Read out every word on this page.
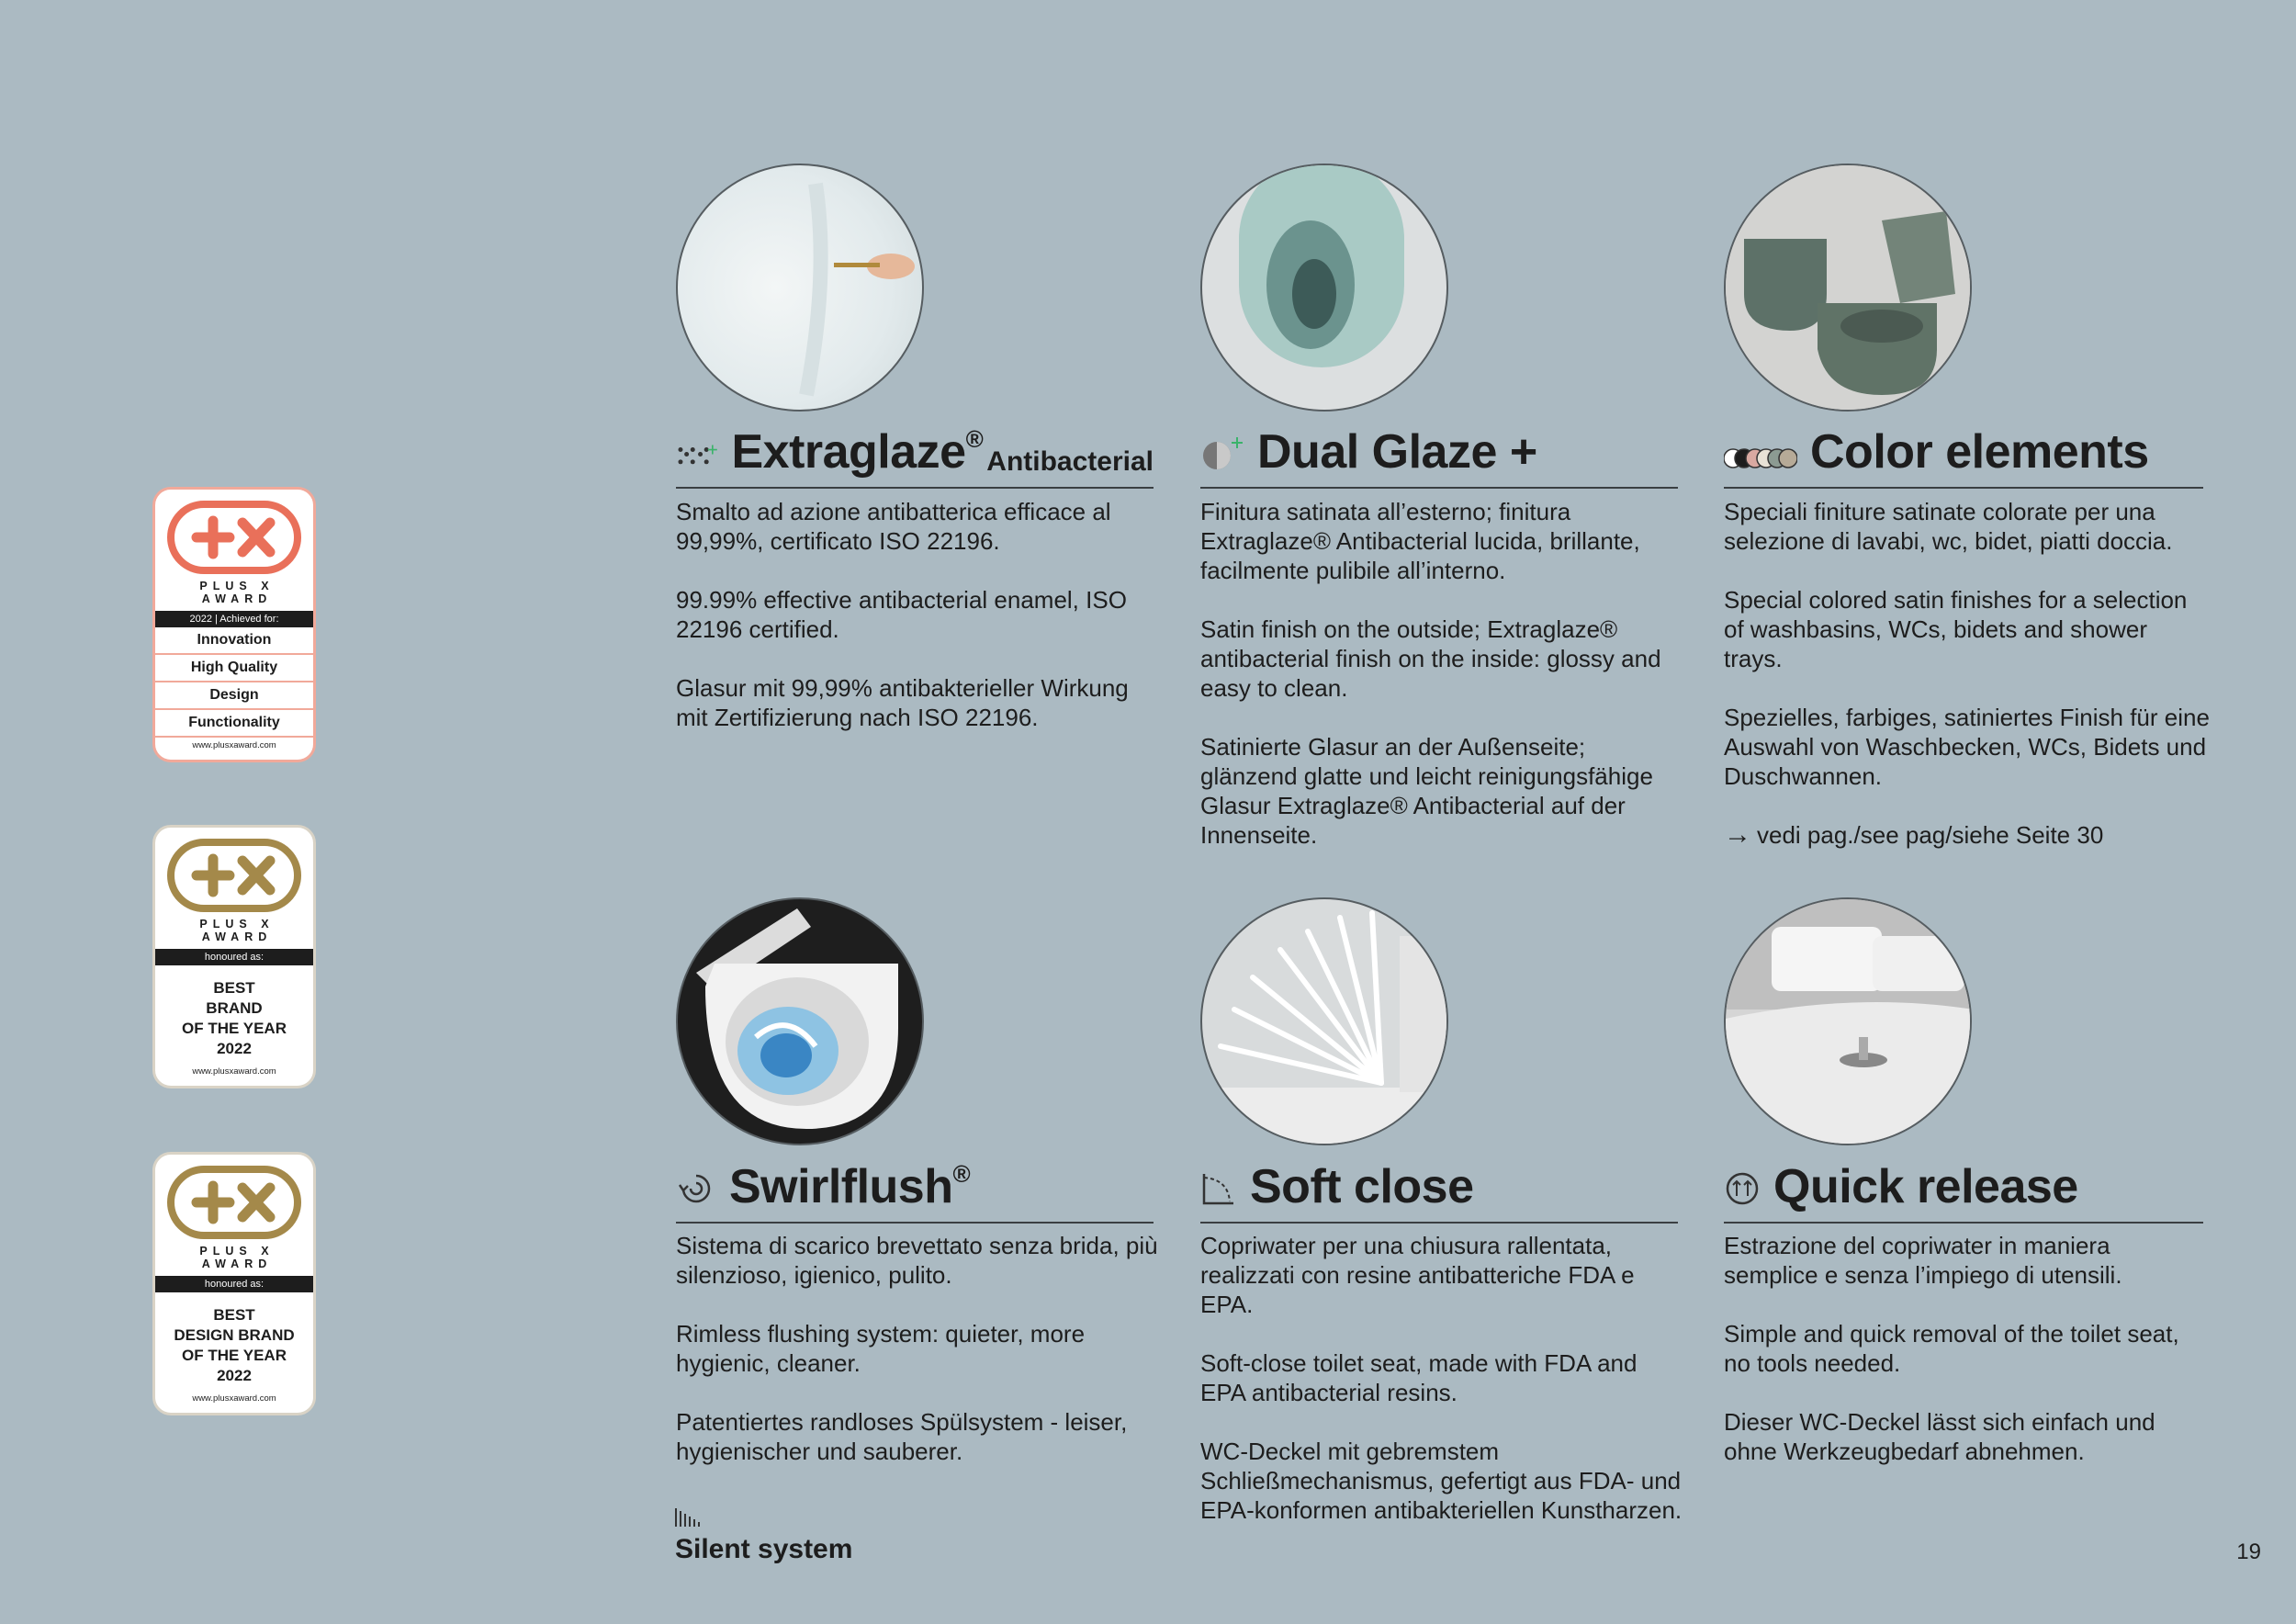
PLUS X AWARD
2022 | Achieved for:
Innovation
High Quality
Design
Functionality
www.plusxaward.com
PLUS X AWARD
honoured as:
BEST
BRAND
OF THE YEAR
2022
www.plusxaward.com
PLUS X AWARD
honoured as:
BEST
DESIGN BRAND
OF THE YEAR
2022
www.plusxaward.com
Extraglaze®
Antibacterial Dual Glaze +	Color elements

Smalto ad azione antibatterica efficace al 99,99%, certificato ISO 22196.

99.99% effective antibacterial enamel, ISO 22196 certified.

Glasur mit 99,99% antibakterieller Wirkung mit Zertifizierung nach ISO 22196.

Finitura satinata all’esterno; finitura Extraglaze® Antibacterial lucida, brillante, facilmente pulibile all’interno.

Satin finish on the outside; Extraglaze® antibacterial finish on the inside: glossy and easy to clean.

Satinierte Glasur an der Außenseite; glänzend glatte und leicht reinigungsfähige Glasur Extraglaze® Antibacterial auf der Innenseite.

Speciali finiture satinate colorate per una selezione di lavabi, wc, bidet, piatti doccia.

Special colored satin finishes for a selection of washbasins, WCs, bidets and shower trays.

Spezielles, farbiges, satiniertes Finish für eine Auswahl von Waschbecken, WCs, Bidets und Duschwannen.

→ vedi pag./see pag/siehe Seite 30

Swirlflush®	Soft close	Quick release

Sistema di scarico brevettato senza brida, più silenzioso, igienico, pulito.

Rimless flushing system: quieter, more hygienic, cleaner.

Patentiertes randloses Spülsystem - leiser, hygienischer und sauberer.

Copriwater per una chiusura rallentata, realizzati con resine antibatteriche FDA e EPA.

Soft-close toilet seat, made with FDA and EPA antibacterial resins.

WC-Deckel mit gebremstem Schließmechanismus, gefertigt aus FDA- und EPA-konformen antibakteriellen Kunstharzen.

Estrazione del copriwater in maniera semplice e senza l’impiego di utensili.

Simple and quick removal of the toilet seat, no tools needed.

Dieser WC-Deckel lässt sich einfach und ohne Werkzeugbedarf abnehmen.

Silent system	19
